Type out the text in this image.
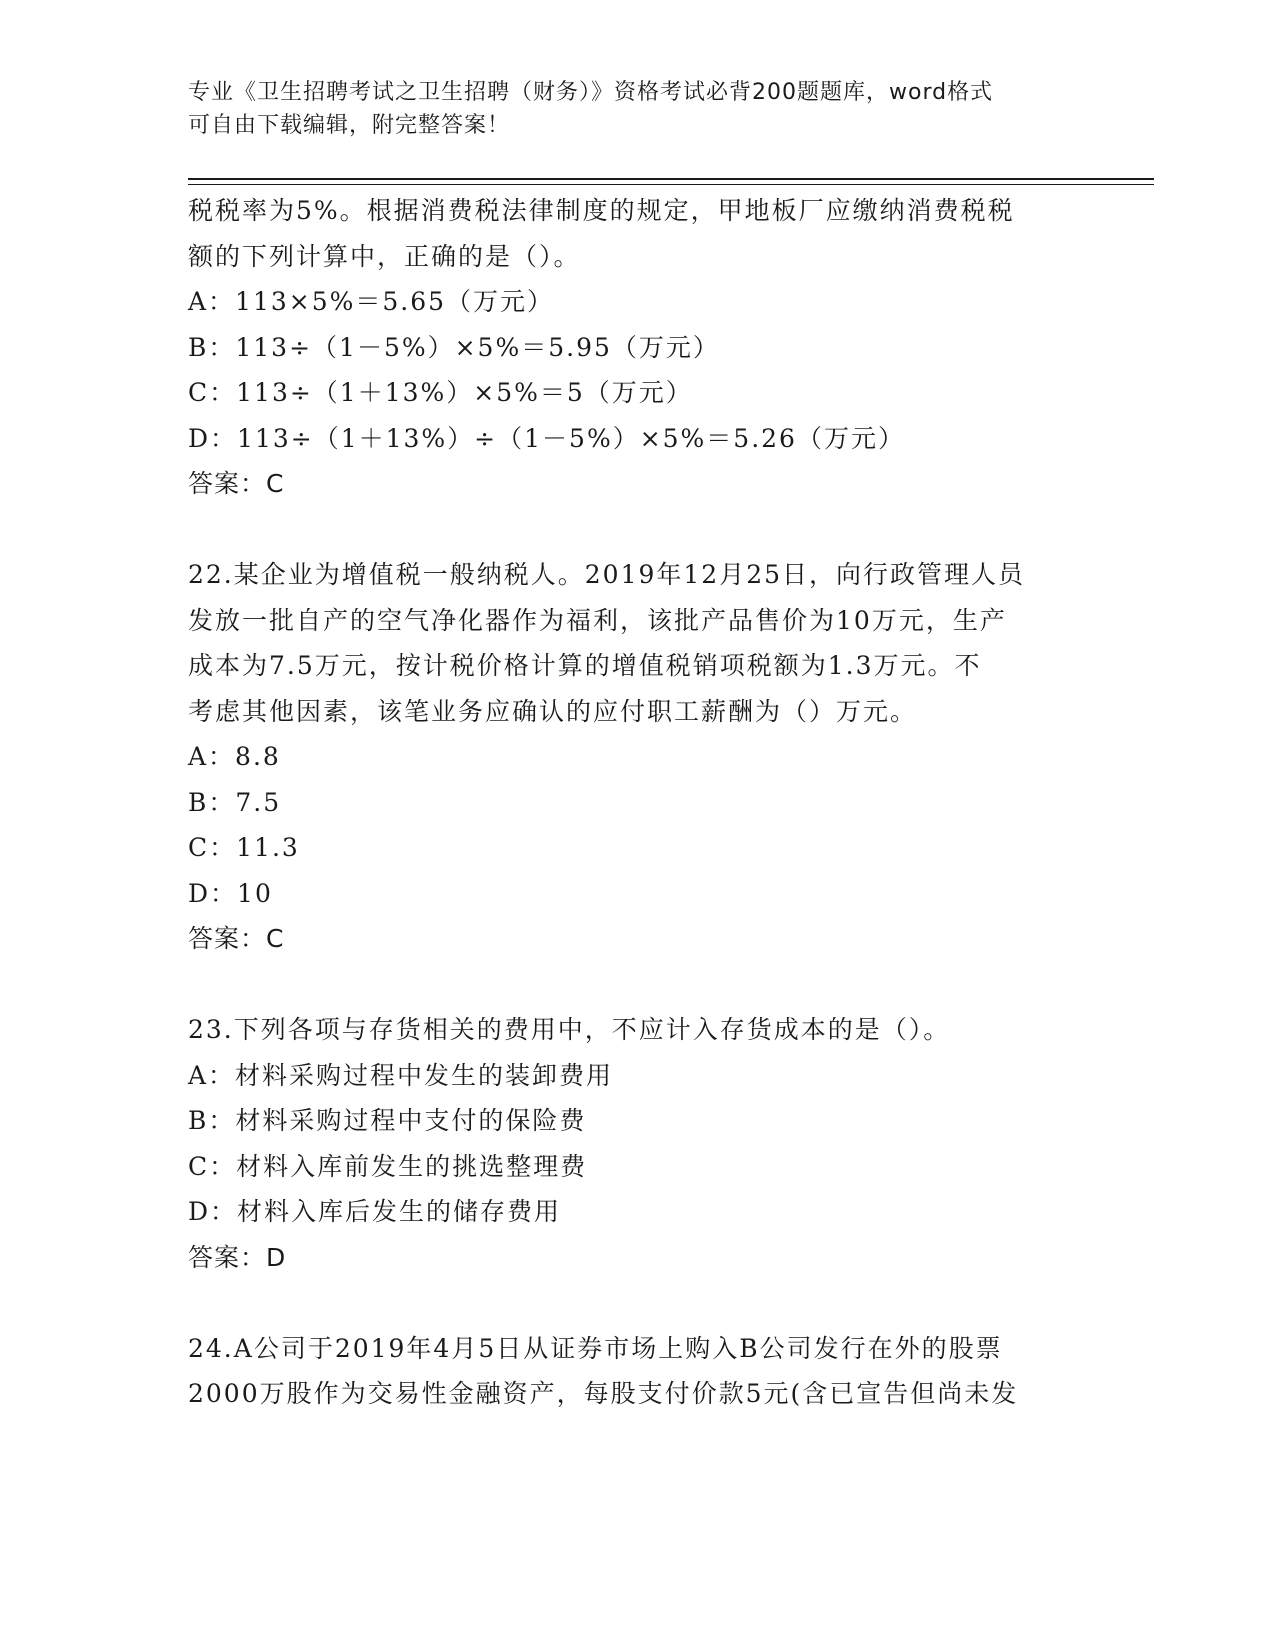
专业《卫生招聘考试之卫生招聘（财务）》资格考试必背200题题库，word格式
可自由下载编辑，附完整答案！
税税率为5%。根据消费税法律制度的规定，甲地板厂应缴纳消费税税
额的下列计算中，正确的是（）。
A：113×5%＝5.65（万元）
B：113÷（1－5%）×5%＝5.95（万元）
C：113÷（1＋13%）×5%＝5（万元）
D：113÷（1＋13%）÷（1－5%）×5%＝5.26（万元）
答案：C
22.某企业为增值税一般纳税人。2019年12月25日，向行政管理人员
发放一批自产的空气净化器作为福利，该批产品售价为10万元，生产
成本为7.5万元，按计税价格计算的增值税销项税额为1.3万元。不
考虑其他因素，该笔业务应确认的应付职工薪酬为（）万元。
A：8.8
B：7.5
C：11.3
D：10
答案：C
23.下列各项与存货相关的费用中，不应计入存货成本的是（）。
A：材料采购过程中发生的装卸费用
B：材料采购过程中支付的保险费
C：材料入库前发生的挑选整理费
D：材料入库后发生的储存费用
答案：D
24.A公司于2019年4月5日从证券市场上购入B公司发行在外的股票
2000万股作为交易性金融资产，每股支付价款5元(含已宣告但尚未发
